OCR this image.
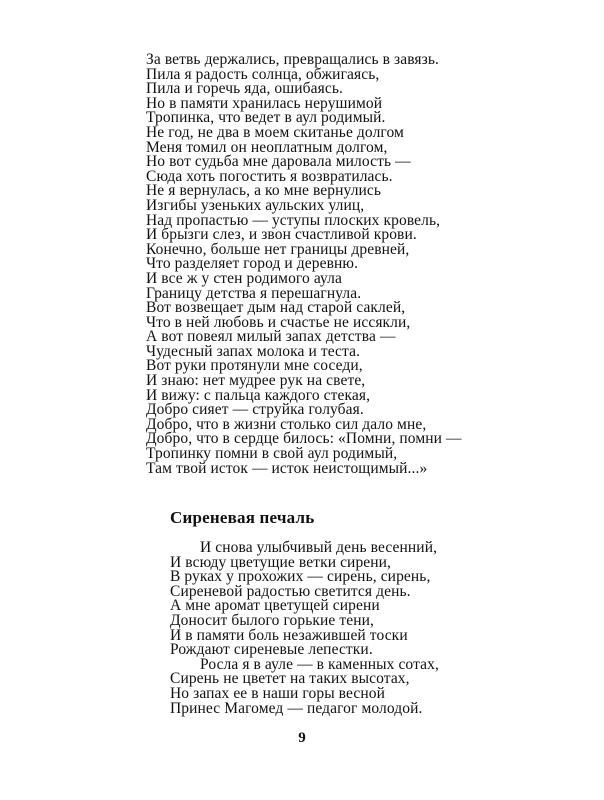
За ветвь держались, превращались в завязь.
Пила я радость солнца, обжигаясь,
Пила и горечь яда, ошибаясь.
Но в памяти хранилась нерушимой
Тропинка, что ведет в аул родимый.
Не год, не два в моем скитанье долгом
Меня томил он неоплатным долгом,
Но вот судьба мне даровала милость —
Сюда хоть погостить я возвратилась.
Не я вернулась, а ко мне вернулись
Изгибы узеньких аульских улиц,
Над пропастью — уступы плоских кровель,
И брызги слез, и звон счастливой крови.
Конечно, больше нет границы древней,
Что разделяет город и деревню.
И все ж у стен родимого аула
Границу детства я перешагнула.
Вот возвещает дым над старой саклей,
Что в ней любовь и счастье не иссякли,
А вот повеял милый запах детства —
Чудесный запах молока и теста.
Вот руки протянули мне соседи,
И знаю: нет мудрее рук на свете,
И вижу: с пальца каждого стекая,
Добро сияет — струйка голубая.
Добро, что в жизни столько сил дало мне,
Добро, что в сердце билось: «Помни, помни —
Тропинку помни в свой аул родимый,
Там твой исток — исток неистощимый...»
Сиреневая печаль
И снова улыбчивый день весенний,
И всюду цветущие ветки сирени,
В руках у прохожих — сирень, сирень,
Сиреневой радостью светится день.
А мне аромат цветущей сирени
Доносит былого горькие тени,
И в памяти боль незажившей тоски
Рождают сиреневые лепестки.
Росла я в ауле — в каменных сотах,
Сирень не цветет на таких высотах,
Но запах ее в наши горы весной
Принес Магомед — педагог молодой.
9
